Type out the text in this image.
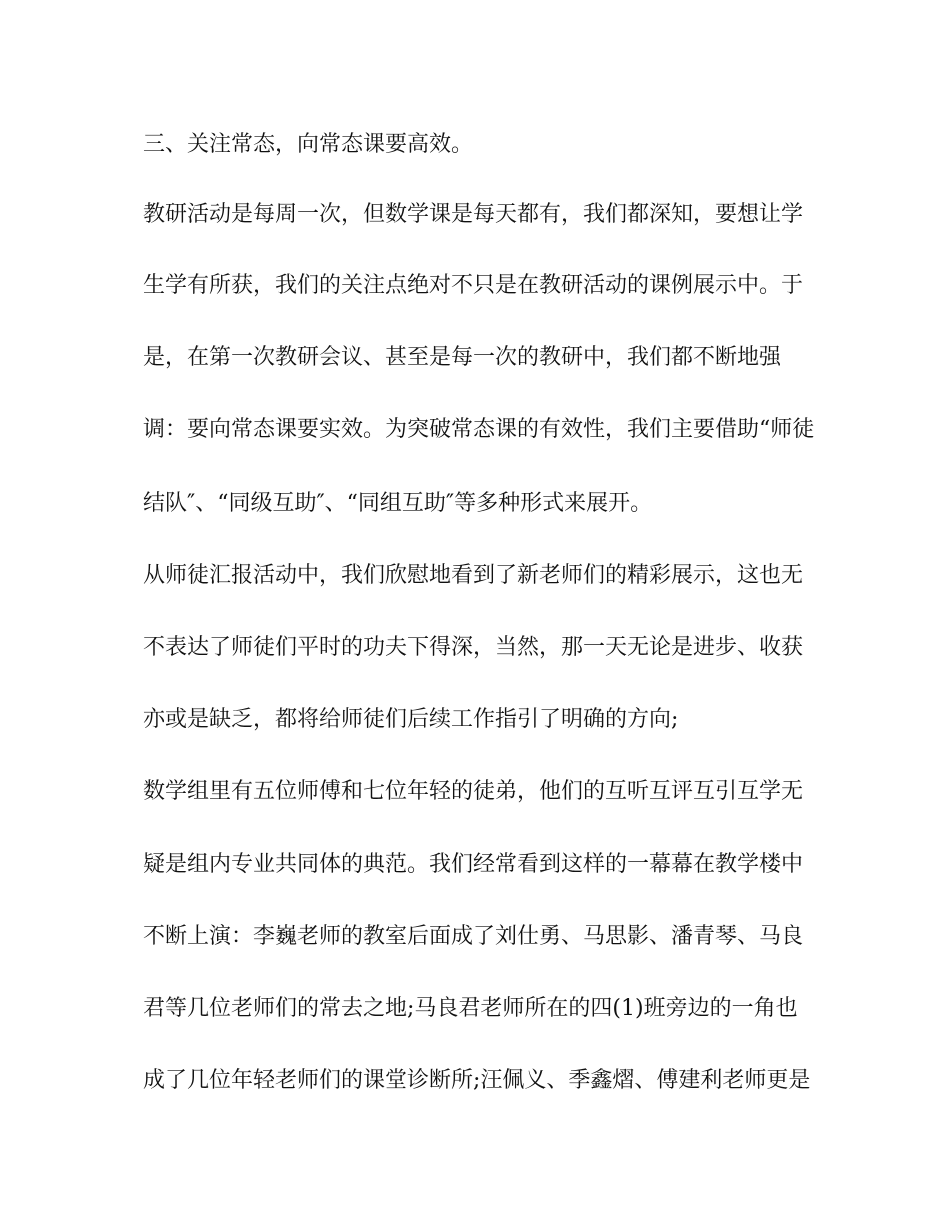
三、关注常态，向常态课要高效。

教研活动是每周一次，但数学课是每天都有，我们都深知，要想让学

生学有所获，我们的关注点绝对不只是在教研活动的课例展示中。于

是，在第一次教研会议、甚至是每一次的教研中，我们都不断地强

调：要向常态课要实效。为突破常态课的有效性，我们主要借助“师徒

结队″、“同级互助″、“同组互助″等多种形式来展开。

从师徒汇报活动中，我们欣慰地看到了新老师们的精彩展示，这也无

不表达了师徒们平时的功夫下得深，当然，那一天无论是进步、收获

亦或是缺乏，都将给师徒们后续工作指引了明确的方向;

数学组里有五位师傅和七位年轻的徒弟，他们的互听互评互引互学无

疑是组内专业共同体的典范。我们经常看到这样的一幕幕在教学楼中

不断上演：李巍老师的教室后面成了刘仕勇、马思影、潘青琴、马良

君等几位老师们的常去之地;马良君老师所在的四(1)班旁边的一角也

成了几位年轻老师们的课堂诊断所;汪佩义、季鑫熠、傅建利老师更是
